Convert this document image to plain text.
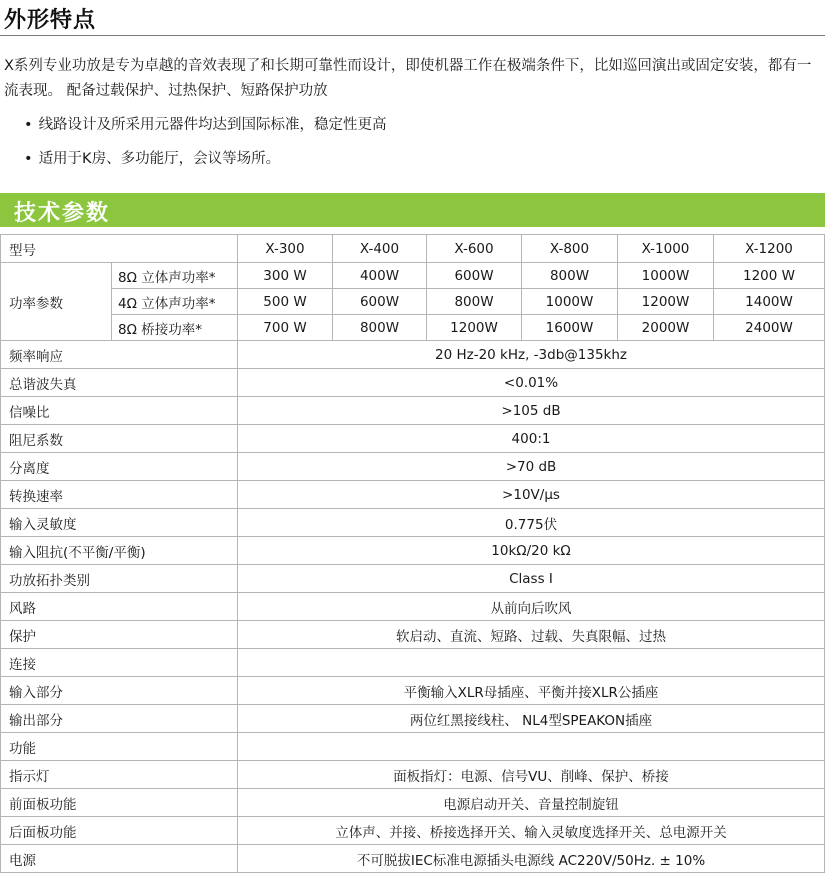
外形特点
X系列专业功放是专为卓越的音效表现了和长期可靠性而设计，即使机器工作在极端条件下，比如巡回演出或固定安装，都有一流表现。 配备过载保护、过热保护、短路保护功放
• 线路设计及所采用元器件均达到国际标准，稳定性更高
• 适用于K房、多功能厅，会议等场所。
技术参数
型号		X-300	X-400	X-600	X-800	X-1000	X-1200
功率参数	8Ω 立体声功率*	300 W	400W	600W	800W	1000W	1200 W
	4Ω 立体声功率*	500 W	600W	800W	1000W	1200W	1400W
	8Ω 桥接功率*	700 W	800W	1200W	1600W	2000W	2400W
频率响应		20 Hz-20 kHz, -3db@135khz					
总谐波失真		<0.01%					
信噪比		>105 dB					
阻尼系数		400:1					
分离度		>70 dB					
转换速率		>10V/μs					
输入灵敏度		0.775伏					
输入阻抗(不平衡/平衡)		10kΩ/20 kΩ					
功放拓扑类别		Class I					
风路		从前向后吹风					
保护		软启动、直流、短路、过载、失真限幅、过热					
连接							
输入部分		平衡输入XLR母插座、平衡并接XLR公插座					
输出部分		两位红黑接线柱、 NL4型SPEAKON插座					
功能							
指示灯		面板指灯：电源、信号VU、削峰、保护、桥接					
前面板功能		电源启动开关、音量控制旋钮					
后面板功能		立体声、并接、桥接选择开关、输入灵敏度选择开关、总电源开关					
电源		不可脱拔IEC标准电源插头电源线 AC220V/50Hz. ± 10%					
